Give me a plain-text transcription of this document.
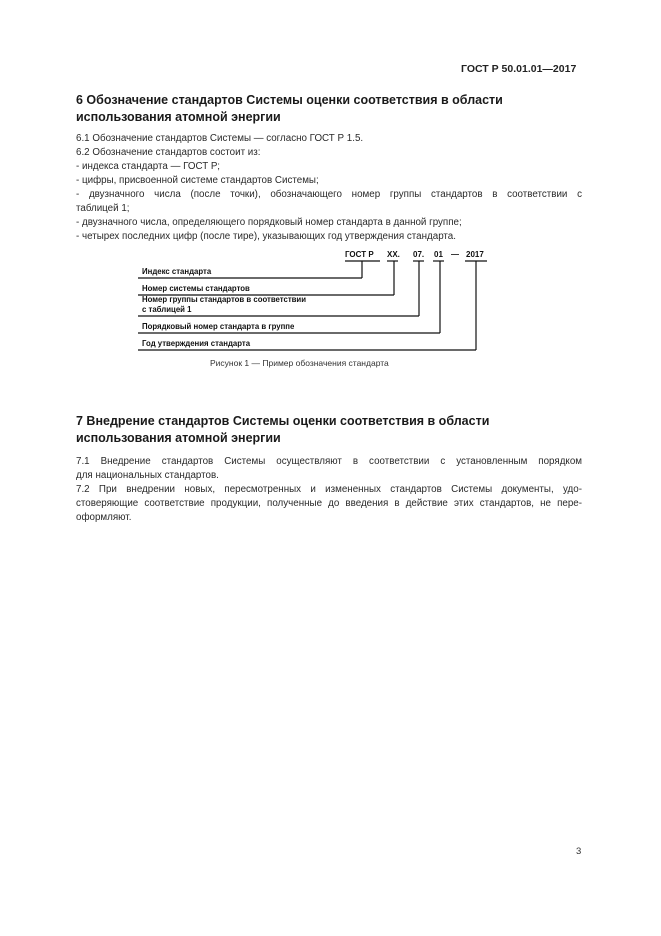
ГОСТ Р 50.01.01—2017
6 Обозначение стандартов Системы оценки соответствия в области
использования атомной энергии
6.1 Обозначение стандартов Системы — согласно ГОСТ Р 1.5.
6.2 Обозначение стандартов состоит из:
- индекса стандарта — ГОСТ Р;
- цифры, присвоенной системе стандартов Системы;
- двузначного числа (после точки), обозначающего номер группы стандартов в соответствии с
таблицей 1;
- двузначного числа, определяющего порядковый номер стандарта в данной группе;
- четырех последних цифр (после тире), указывающих год утверждения стандарта.
ГОСТ Р XX. 07. 01 — 2017
Индекс стандарта
Номер системы стандартов
Номер группы стандартов в соответствии
с таблицей 1
Порядковый номер стандарта в группе
Год утверждения стандарта
Рисунок 1 — Пример обозначения стандарта
7 Внедрение стандартов Системы оценки соответствия в области
использования атомной энергии
7.1 Внедрение стандартов Системы осуществляют в соответствии с установленным порядком
для национальных стандартов.
7.2 При внедрении новых, пересмотренных и измененных стандартов Системы документы, удо-
стоверяющие соответствие продукции, полученные до введения в действие этих стандартов, не пере-
оформляют.
3
